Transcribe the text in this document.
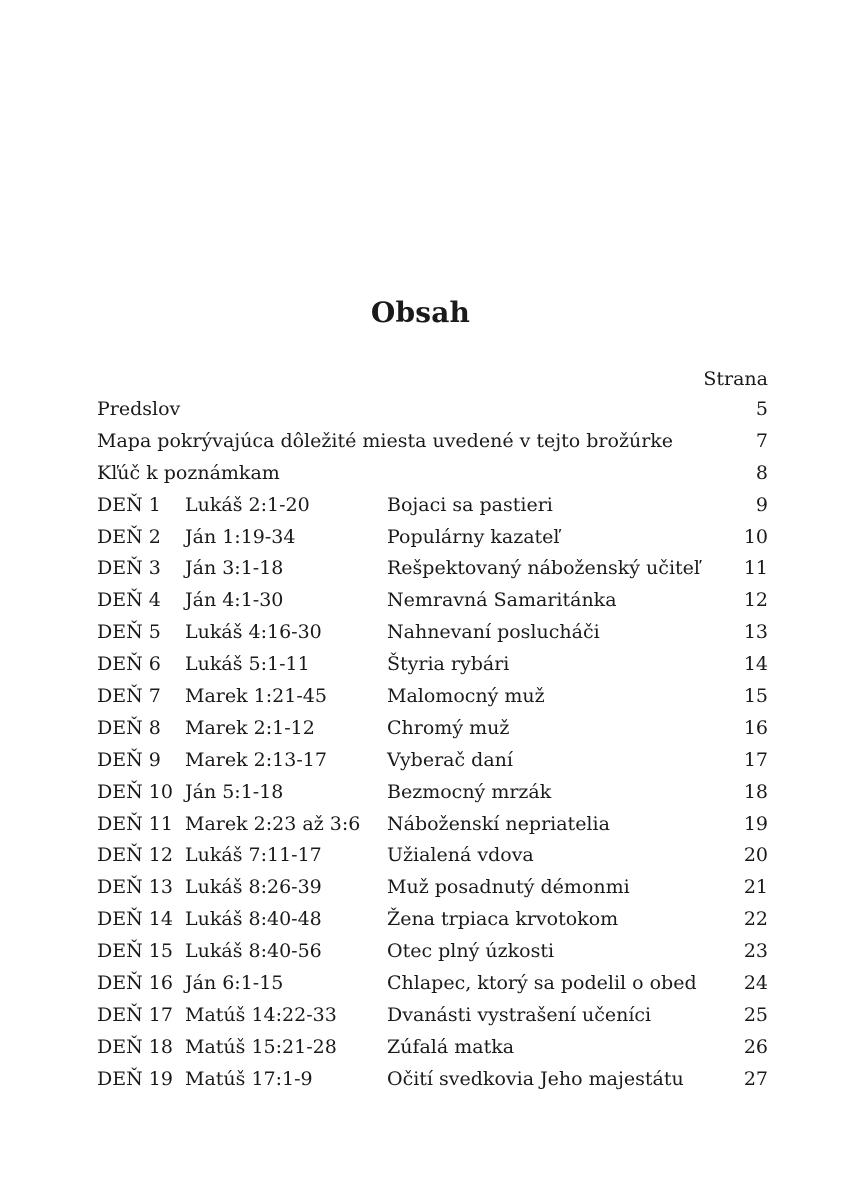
Obsah
Strana
Predslov	5
Mapa pokrývajúca dôležité miesta uvedené v tejto brožúrke	7
Kľúč k poznámkam	8
DEŇ 1 Lukáš 2:1-20	Bojaci sa pastieri	9
DEŇ 2 Ján 1:19-34	Populárny kazateľ	10
DEŇ 3 Ján 3:1-18	Rešpektovaný náboženský učiteľ 11
DEŇ 4 Ján 4:1-30	Nemravná Samaritánka	12
DEŇ 5 Lukáš 4:16-30	Nahnevaní poslucháči	13
DEŇ 6 Lukáš 5:1-11	Štyria rybári	14
DEŇ 7 Marek 1:21-45	Malomocný muž	15
DEŇ 8 Marek 2:1-12	Chromý muž	16
DEŇ 9 Marek 2:13-17	Vyberač daní	17
DEŇ 10 Ján 5:1-18	Bezmocný mrzák	18
DEŇ 11 Marek 2:23 až 3:6 Náboženskí nepriatelia	19
DEŇ 12 Lukáš 7:11-17	Užialená vdova	20
DEŇ 13 Lukáš 8:26-39	Muž posadnutý démonmi	21
DEŇ 14 Lukáš 8:40-48	Žena trpiaca krvotokom	22
DEŇ 15 Lukáš 8:40-56	Otec plný úzkosti	23
DEŇ 16 Ján 6:1-15	Chlapec, ktorý sa podelil o obed 24
DEŇ 17 Matúš 14:22-33	Dvanásti vystrašení učeníci	25
DEŇ 18 Matúš 15:21-28	Zúfalá matka	26
DEŇ 19 Matúš 17:1-9	Očití svedkovia Jeho majestátu	27
